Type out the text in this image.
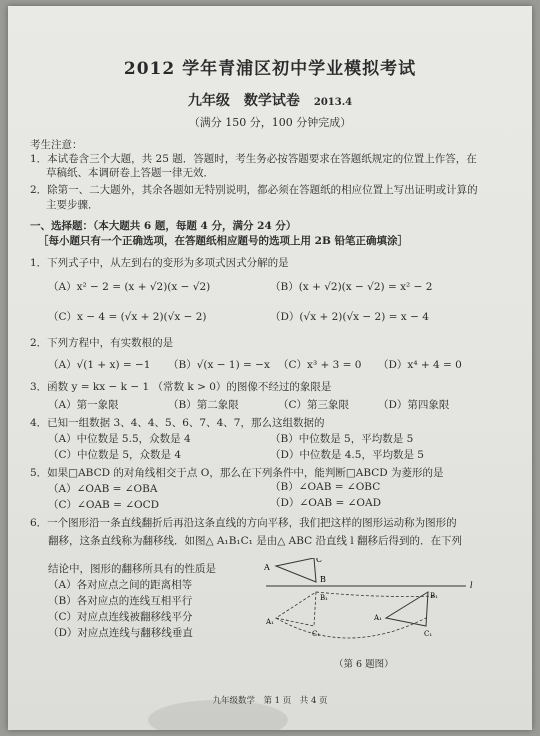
2012 学年青浦区初中学业模拟考试
九年级　数学试卷 2013.4
（满分 150 分，100 分钟完成）
考生注意：
1．本试卷含三个大题，共 25 题．答题时，考生务必按答题要求在答题纸规定的位置上作答，在
草稿纸、本调研卷上答题一律无效．
2．除第一、二大题外，其余各题如无特别说明，都必须在答题纸的相应位置上写出证明或计算的
主要步骤．
一、选择题：（本大题共 6 题，每题 4 分，满分 24 分）
［每小题只有一个正确选项，在答题纸相应题号的选项上用 2B 铅笔正确填涂］
1．下列式子中，从左到右的变形为多项式因式分解的是
（A）x² − 2 = (x + √2)(x − √2)	（B）(x + √2)(x − √2) = x² − 2
（C）x − 4 = (√x + 2)(√x − 2)	（D）(√x + 2)(√x − 2) = x − 4
2．下列方程中，有实数根的是
（A）√(1 + x) = −1 （B）√(x − 1) = −x （C）x³ + 3 = 0 （D）x⁴ + 4 = 0
3．函数 y = kx − k − 1 （常数 k > 0）的图像不经过的象限是
（A）第一象限	（B）第二象限	（C）第三象限	（D）第四象限
4．已知一组数据 3、4、4、5、6、7、4、7，那么这组数据的
（A）中位数是 5.5，众数是 4	（B）中位数是 5，平均数是 5
（C）中位数是 5，众数是 4	（D）中位数是 4.5，平均数是 5
5．如果□ABCD 的对角线相交于点 O，那么在下列条件中，能判断□ABCD 为菱形的是
（A）∠OAB = ∠OBA	（B）∠OAB = ∠OBC
（C）∠OAB = ∠OCD	（D）∠OAB = ∠OAD
6．一个图形沿一条直线翻折后再沿这条直线的方向平移，我们把这样的图形运动称为图形的
翻移，这条直线称为翻移线．如图△ A₁B₁C₁ 是由△ ABC 沿直线 l 翻移后得到的．在下列
结论中，图形的翻移所具有的性质是
（A）各对应点之间的距离相等
（B）各对应点的连线互相平行
（C）对应点连线被翻移线平分
（D）对应点连线与翻移线垂直
A
C
B
l
B₁
A₁
C₁
B₁
A₁
C₁
（第 6 题图）
九年级数学　第 1 页　共 4 页
